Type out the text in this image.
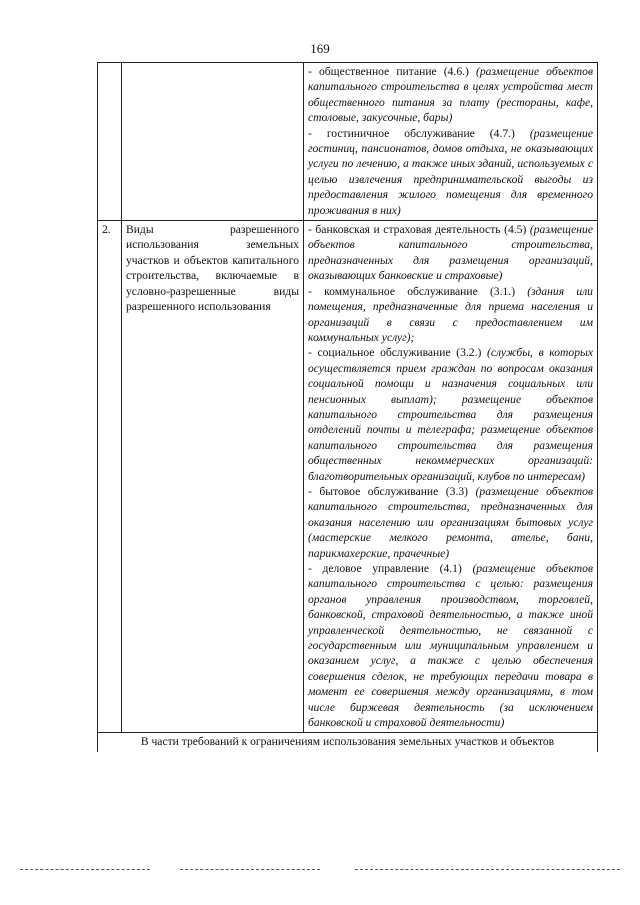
169

		- общественное питание (4.6.) (размещение объектов капитального строительства в целях устройства мест общественного питания за плату (рестораны, кафе, столовые, закусочные, бары)
- гостиничное обслуживание (4.7.) (размещение гостиниц, пансионатов, домов отдыха, не оказывающих услуги по лечению, а также иных зданий, используемых с целью извлечения предпринимательской выгоды из предоставления жилого помещения для временного проживания в них)

2.	Виды разрешенного использования земельных участков и объектов капитального строительства, включаемые в условно-разрешенные виды разрешенного использования	- банковская и страховая деятельность (4.5) (размещение объектов капитального строительства, предназначенных для размещения организаций, оказывающих банковские и страховые)
- коммунальное обслуживание (3.1.) (здания или помещения, предназначенные для приема населения и организаций в связи с предоставлением им коммунальных услуг);
- социальное обслуживание (3.2.) (службы, в которых осуществляется прием граждан по вопросам оказания социальной помощи и назначения социальных или пенсионных выплат); размещение объектов капитального строительства для размещения отделений почты и телеграфа; размещение объектов капитального строительства для размещения общественных некоммерческих организаций: благотворительных организаций, клубов по интересам)
- бытовое обслуживание (3.3) (размещение объектов капитального строительства, предназначенных для оказания населению или организациям бытовых услуг (мастерские мелкого ремонта, ателье, бани, парикмахерские, прачечные)
- деловое управление (4.1) (размещение объектов капитального строительства с целью: размещения органов управления производством, торговлей, банковской, страховой деятельностью, а также иной управленческой деятельностью, не связанной с государственным или муниципальным управлением и оказанием услуг, а также с целью обеспечения совершения сделок, не требующих передачи товара в момент ее совершения между организациями, в том числе биржевая деятельность (за исключением банковской и страховой деятельности)

В части требований к ограничениям использования земельных участков и объектов		
